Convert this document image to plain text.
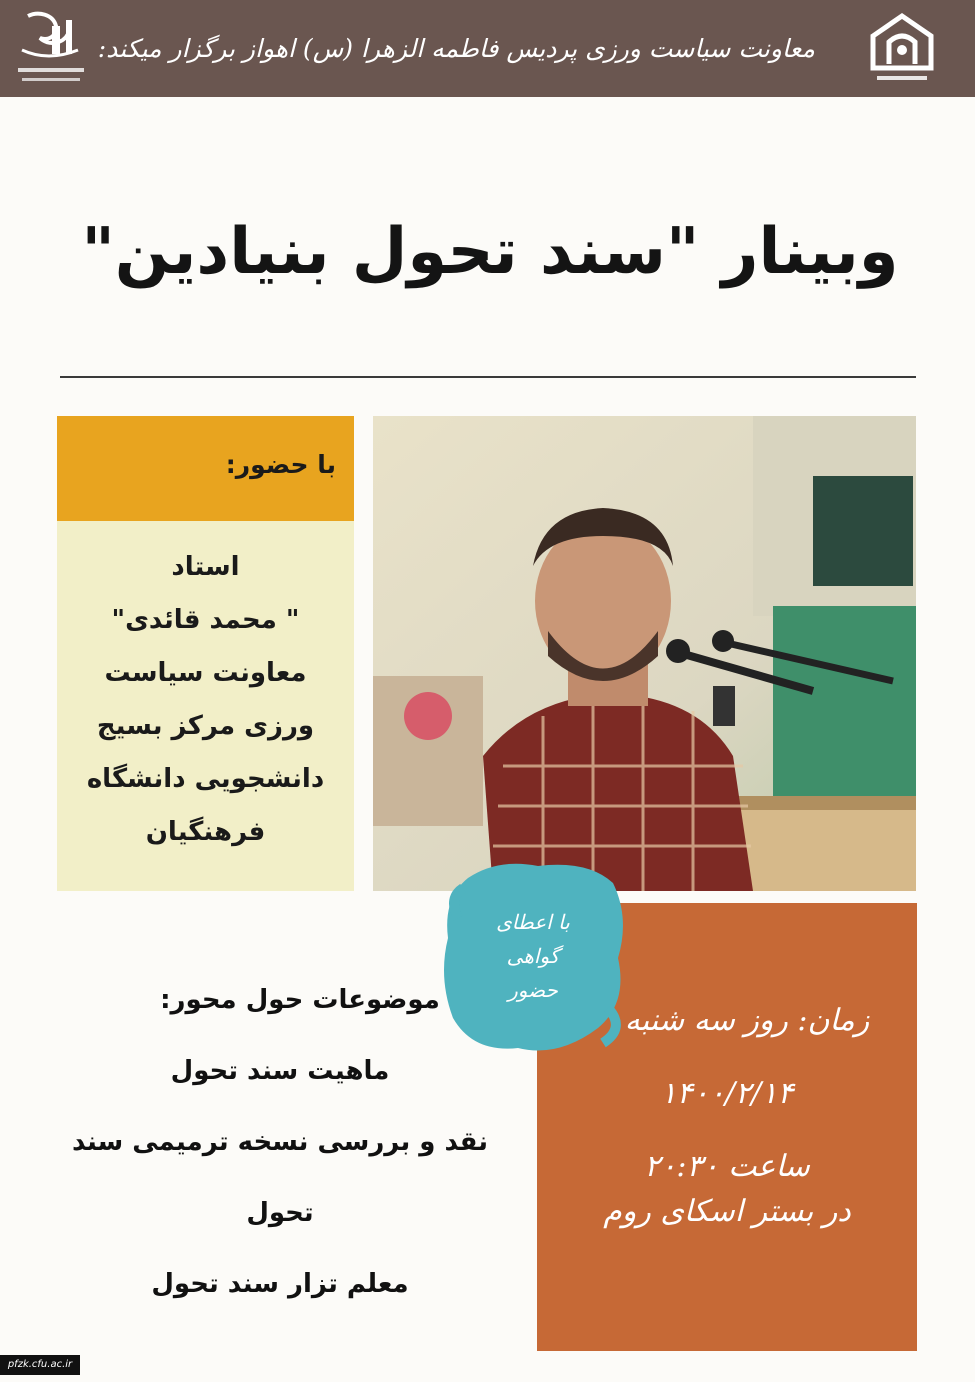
معاونت سیاست ورزی پردیس فاطمه الزهرا (س) اهواز برگزار میکند:
وبینار "سند تحول بنیادین"
با حضور:
استاد
" محمد قائدی"
معاونت سیاست
ورزی مرکز بسیج
دانشجویی دانشگاه
فرهنگیان
زمان: روز سه شنبه
۱۴۰۰/۲/۱۴
ساعت ۲۰:۳۰
در بستر اسکای روم
با اعطای
گواهی
حضور
موضوعات حول محور:
ماهیت سند تحول
نقد و بررسی نسخه ترمیمی سند
تحول
معلم تزار سند تحول
pfzk.cfu.ac.ir
